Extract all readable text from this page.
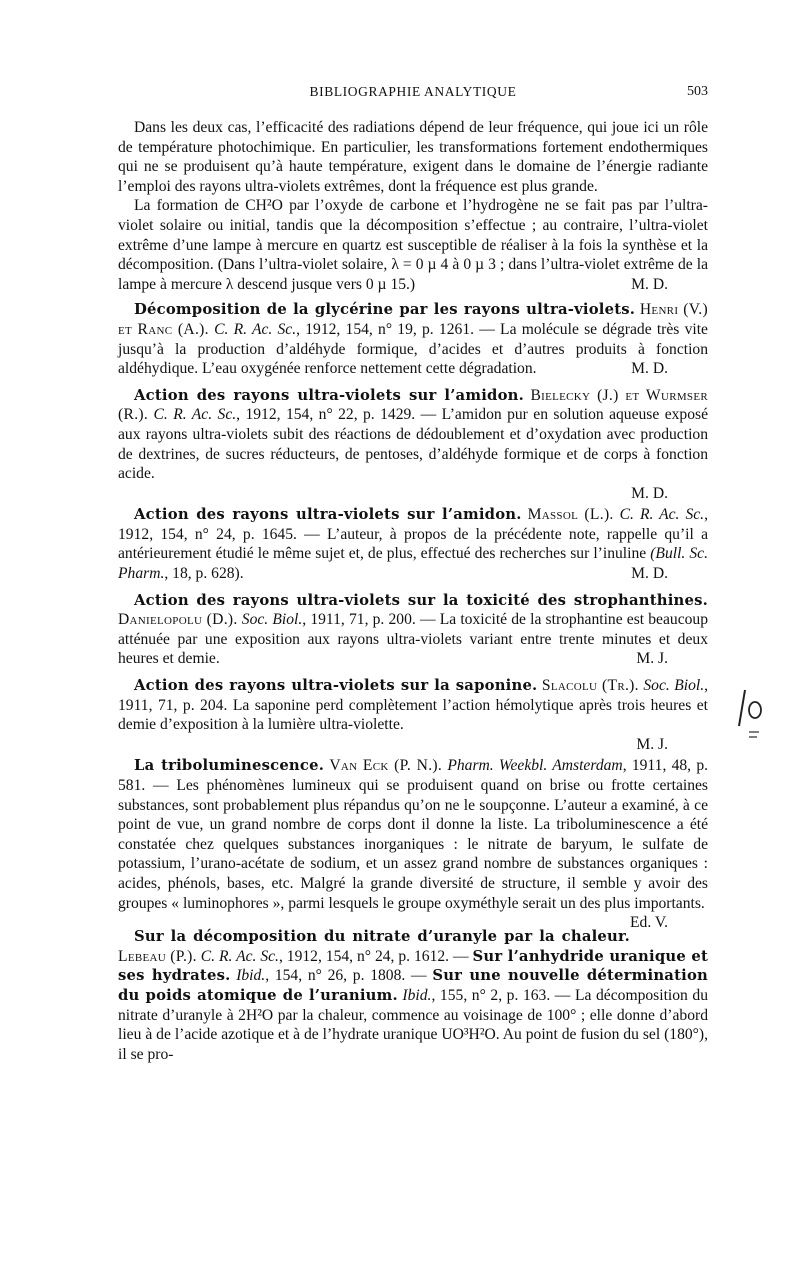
BIBLIOGRAPHIE ANALYTIQUE	503

Dans les deux cas, l’efficacité des radiations dépend de leur fréquence, qui joue ici un rôle de température photochimique. En particulier, les transformations fortement endothermiques qui ne se produisent qu’à haute température, exigent dans le domaine de l’énergie radiante l’emploi des rayons ultra-violets extrêmes, dont la fréquence est plus grande.

La formation de CH²O par l’oxyde de carbone et l’hydrogène ne se fait pas par l’ultra-violet solaire ou initial, tandis que la décomposition s’effectue ; au contraire, l’ultra-violet extrême d’une lampe à mercure en quartz est susceptible de réaliser à la fois la synthèse et la décomposition. (Dans l’ultra-violet solaire, λ = 0 µ 4 à 0 µ 3 ; dans l’ultra-violet extrême de la lampe à mercure λ descend jusque vers 0 µ 15.)	M. D.

Décomposition de la glycérine par les rayons ultra-violets. Henri (V.) et Ranc (A.). C. R. Ac. Sc., 1912, 154, n° 19, p. 1261. — La molécule se dégrade très vite jusqu’à la production d’aldéhyde formique, d’acides et d’autres produits à fonction aldéhydique. L’eau oxygénée renforce nettement cette dégradation.	M. D.

Action des rayons ultra-violets sur l’amidon. Bielecky (J.) et Wurmser (R.). C. R. Ac. Sc., 1912, 154, n° 22, p. 1429. — L’amidon pur en solution aqueuse exposé aux rayons ultra-violets subit des réactions de dédoublement et d’oxydation avec production de dextrines, de sucres réducteurs, de pentoses, d’aldéhyde formique et de corps à fonction acide.
M. D.

Action des rayons ultra-violets sur l’amidon. Massol (L.). C. R. Ac. Sc., 1912, 154, n° 24, p. 1645. — L’auteur, à propos de la précédente note, rappelle qu’il a antérieurement étudié le même sujet et, de plus, effectué des recherches sur l’inuline (Bull. Sc. Pharm., 18, p. 628).	M. D.

Action des rayons ultra-violets sur la toxicité des strophanthines. Danielopolu (D.). Soc. Biol., 1911, 71, p. 200. — La toxicité de la strophantine est beaucoup atténuée par une exposition aux rayons ultra-violets variant entre trente minutes et deux heures et demie.	M. J.

Action des rayons ultra-violets sur la saponine. Slacolu (Tr.). Soc. Biol., 1911, 71, p. 204. La saponine perd complètement l’action hémolytique après trois heures et demie d’exposition à la lumière ultra-violette.
M. J.

La triboluminescence. Van Eck (P. N.). Pharm. Weekbl. Amsterdam, 1911, 48, p. 581. — Les phénomènes lumineux qui se produisent quand on brise ou frotte certaines substances, sont probablement plus répandus qu’on ne le soupçonne. L’auteur a examiné, à ce point de vue, un grand nombre de corps dont il donne la liste. La triboluminescence a été constatée chez quelques substances inorganiques : le nitrate de baryum, le sulfate de potassium, l’urano-acétate de sodium, et un assez grand nombre de substances organiques : acides, phénols, bases, etc. Malgré la grande diversité de structure, il semble y avoir des groupes « luminophores », parmi lesquels le groupe oxyméthyle serait un des plus importants.
Ed. V.

Sur la décomposition du nitrate d’uranyle par la chaleur. Lebeau (P.). C. R. Ac. Sc., 1912, 154, n° 24, p. 1612. — Sur l’anhydride uranique et ses hydrates. Ibid., 154, n° 26, p. 1808. — Sur une nouvelle détermination du poids atomique de l’uranium. Ibid., 155, n° 2, p. 163. — La décomposition du nitrate d’uranyle à 2H²O par la chaleur, commence au voisinage de 100° ; elle donne d’abord lieu à de l’acide azotique et à de l’hydrate uranique UO³H²O. Au point de fusion du sel (180°), il se pro-
